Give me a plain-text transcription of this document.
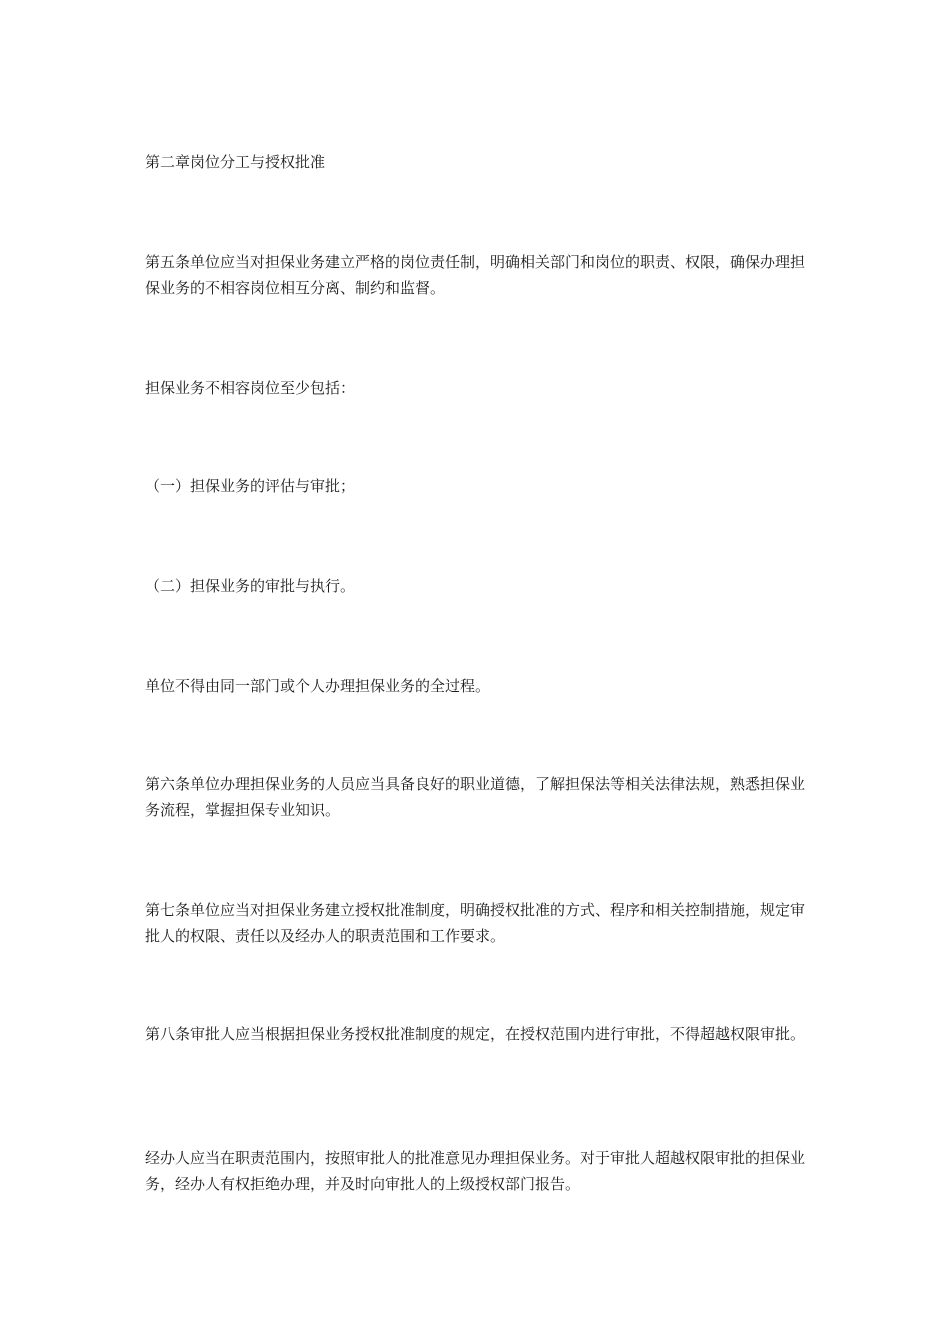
第二章岗位分工与授权批准

第五条单位应当对担保业务建立严格的岗位责任制，明确相关部门和岗位的职责、权限，确保办理担保业务的不相容岗位相互分离、制约和监督。

担保业务不相容岗位至少包括：

（一）担保业务的评估与审批；

（二）担保业务的审批与执行。

单位不得由同一部门或个人办理担保业务的全过程。

第六条单位办理担保业务的人员应当具备良好的职业道德，了解担保法等相关法律法规，熟悉担保业务流程，掌握担保专业知识。

第七条单位应当对担保业务建立授权批准制度，明确授权批准的方式、程序和相关控制措施，规定审批人的权限、责任以及经办人的职责范围和工作要求。

第八条审批人应当根据担保业务授权批准制度的规定，在授权范围内进行审批，不得超越权限审批。

经办人应当在职责范围内，按照审批人的批准意见办理担保业务。对于审批人超越权限审批的担保业务，经办人有权拒绝办理，并及时向审批人的上级授权部门报告。
